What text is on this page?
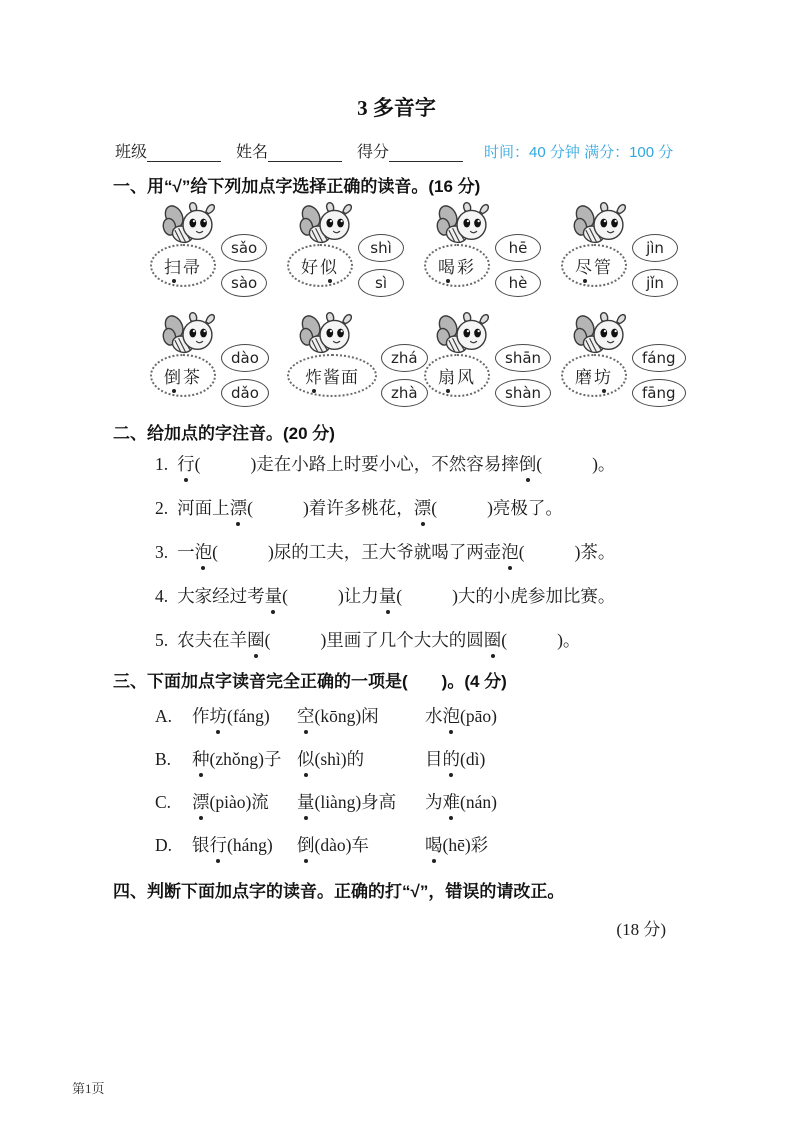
3 多音字
班级	姓名	得分	时间：40 分钟 满分：100 分
一、用“√”给下列加点字选择正确的读音。(16 分)
扫 帚
sǎo
sào
好 似
shì
sì
喝 彩
hē
hè
尽 管
jìn
jǐn
倒 茶
dào
dǎo
炸 酱 面
zhá
zhà
扇 风
shān
shàn
磨 坊
fáng
fāng
二、给加点的字注音。(20 分)
1. 行(	)走在小路上时要小心，不然容易摔倒(	)。
2. 河面上漂(	)着许多桃花，漂(	)亮极了。
3. 一泡(	)尿的工夫，王大爷就喝了两壶泡(	)茶。
4. 大家经过考量(	)让力量(	)大的小虎参加比赛。
5. 农夫在羊圈(	)里画了几个大大的圆圈(	)。
三、下面加点字读音完全正确的一项是(　　)。(4 分)
A.	作坊(fáng)	空(kōng)闲	水泡(pāo)
B.	种(zhǒng)子 似(shì)的	目的(dì)
C.	漂(piào)流	量(liàng)身高	为难(nán)
D.	银行(háng)	倒(dào)车	喝(hē)彩
四、判断下面加点字的读音。正确的打“√”，错误的请改正。
(18 分)
第1页
